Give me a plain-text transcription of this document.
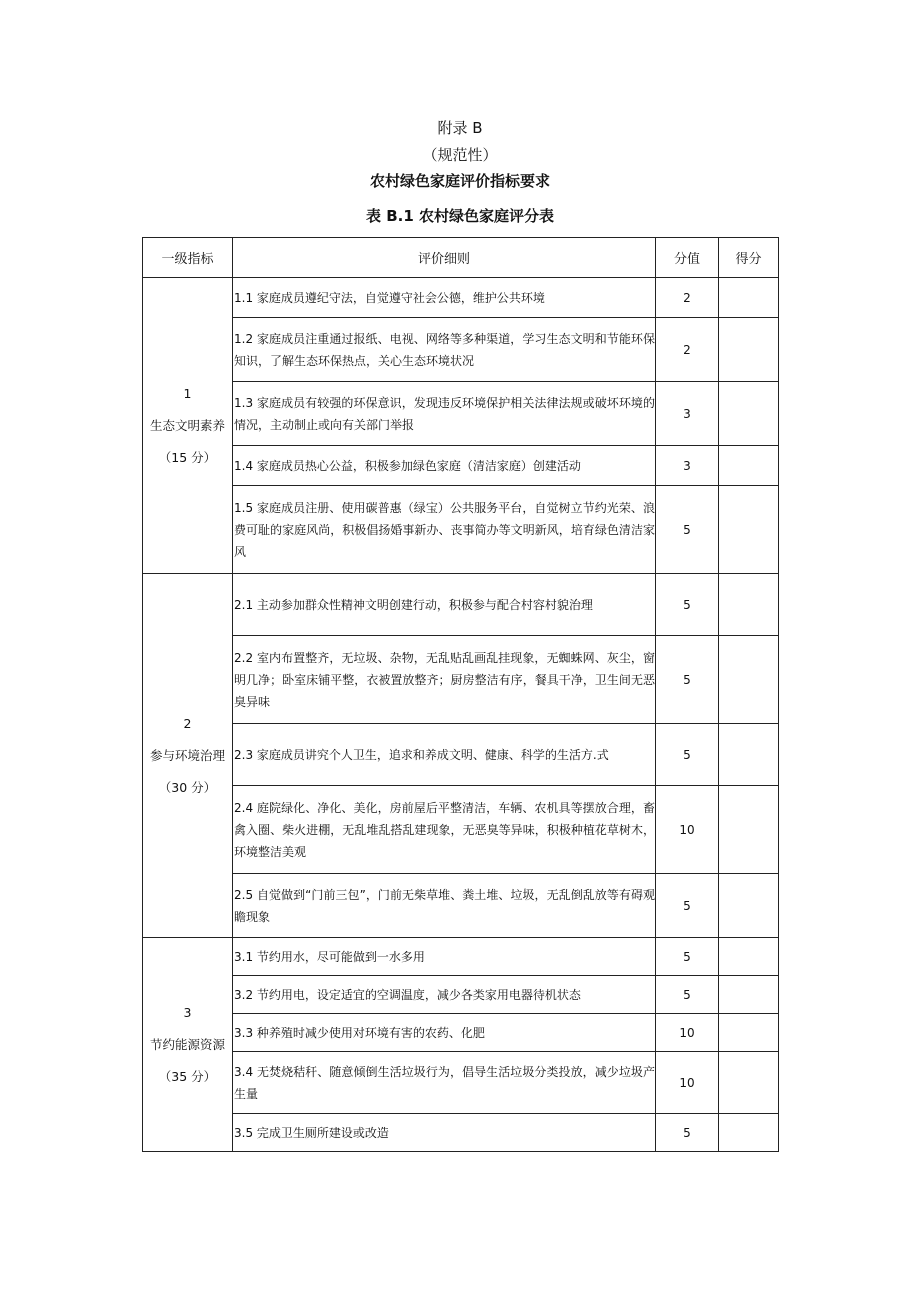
附录 B
（规范性）
农村绿色家庭评价指标要求
表 B.1 农村绿色家庭评分表
一级指标	评价细则	分值	得分

1
生态文明素养
（15 分）	1.1 家庭成员遵纪守法，自觉遵守社会公德，维护公共环境	2	
	1.2 家庭成员注重通过报纸、电视、网络等多种渠道，学习生态文明和节能环保知识，了解生态环保热点，关心生态环境状况	2	
	1.3 家庭成员有较强的环保意识，发现违反环境保护相关法律法规或破坏环境的情况，主动制止或向有关部门举报	3	
	1.4 家庭成员热心公益，积极参加绿色家庭（清洁家庭）创建活动	3	
	1.5 家庭成员注册、使用碳普惠（绿宝）公共服务平台，自觉树立节约光荣、浪费可耻的家庭风尚，积极倡扬婚事新办、丧事简办等文明新风，培育绿色清洁家风	5	

2
参与环境治理
（30 分）	2.1 主动参加群众性精神文明创建行动，积极参与配合村容村貌治理	5	
	2.2 室内布置整齐，无垃圾、杂物，无乱贴乱画乱挂现象，无蜘蛛网、灰尘，窗明几净；卧室床铺平整，衣被置放整齐；厨房整洁有序，餐具干净，卫生间无恶臭异味	5	
	2.3 家庭成员讲究个人卫生，追求和养成文明、健康、科学的生活方.式	5	
	2.4 庭院绿化、净化、美化，房前屋后平整清洁，车辆、农机具等摆放合理，畜禽入圈、柴火进棚，无乱堆乱搭乱建现象，无恶臭等异味，积极种植花草树木，环境整洁美观	10	
	2.5 自觉做到“门前三包”，门前无柴草堆、粪土堆、垃圾，无乱倒乱放等有碍观瞻现象	5	

3
节约能源资源
（35 分）	3.1 节约用水，尽可能做到一水多用	5	
	3.2 节约用电，设定适宜的空调温度，减少各类家用电器待机状态	5	
	3.3 种养殖时减少使用对环境有害的农药、化肥	10	
	3.4 无焚烧秸秆、随意倾倒生活垃圾行为，倡导生活垃圾分类投放，减少垃圾产生量	10	
	3.5 完成卫生厕所建设或改造	5	
